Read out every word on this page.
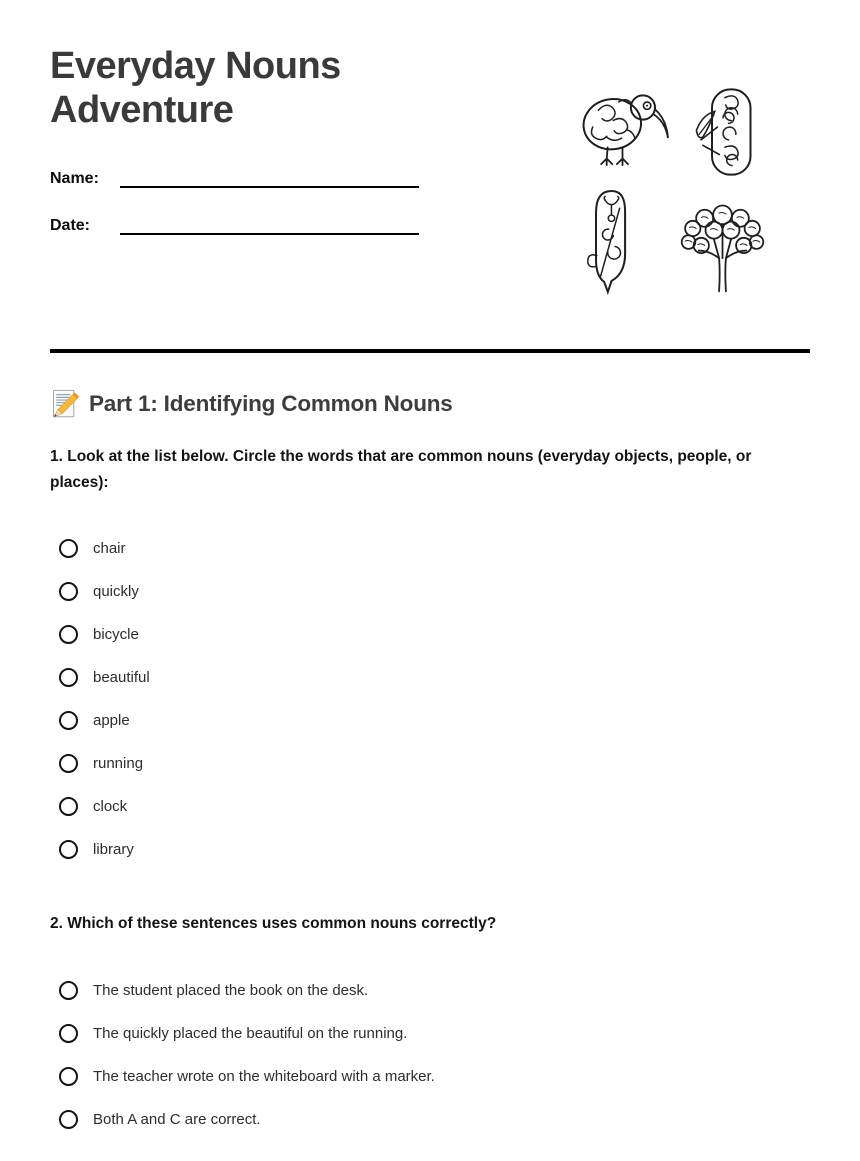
Everyday Nouns Adventure
Name:
Date:
Part 1: Identifying Common Nouns

1. Look at the list below. Circle the words that are common nouns (everyday objects, people, or places):

chair
quickly
bicycle
beautiful
apple
running
clock
library

2. Which of these sentences uses common nouns correctly?

The student placed the book on the desk.
The quickly placed the beautiful on the running.
The teacher wrote on the whiteboard with a marker.
Both A and C are correct.
